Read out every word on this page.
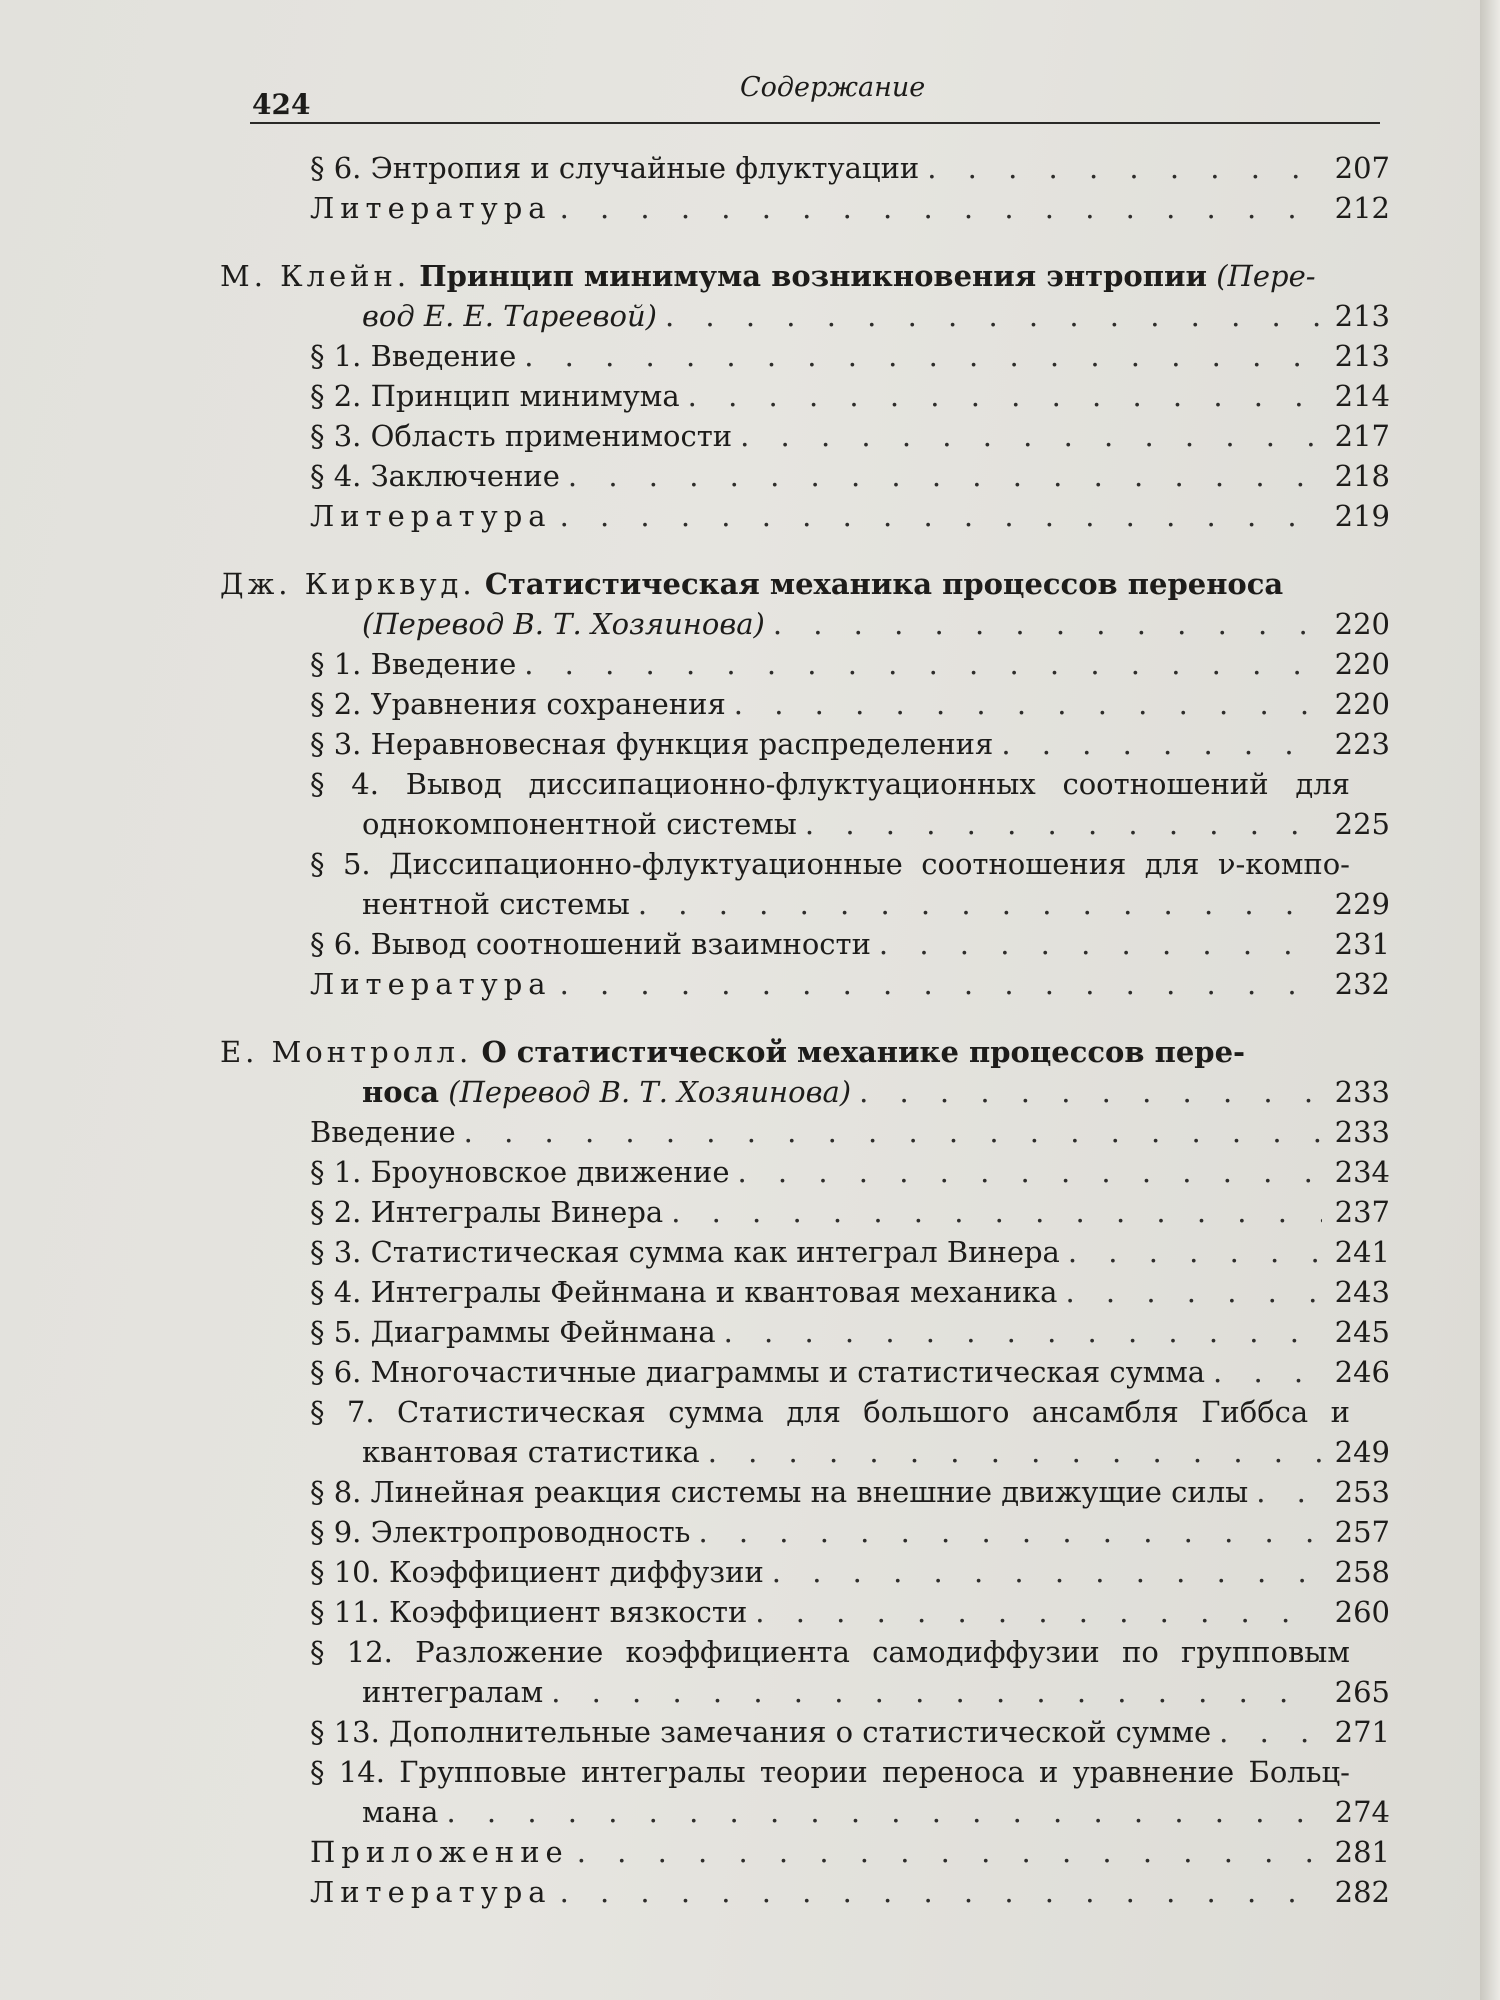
424
Содержание
§ 6. Энтропия и случайные флуктуации . . .	207
Литература . . .	212
М. Клейн. Принцип минимума возникновения энтропии (Пере-
вод Е. Е. Тареевой) . . .	213
§ 1. Введение . . .	213
§ 2. Принцип минимума . . .	214
§ 3. Область применимости . . .	217
§ 4. Заключение . . .	218
Литература . . .	219
Дж. Кирквуд. Статистическая механика процессов переноса
(Перевод В. Т. Хозяинова) . . .	220
§ 1. Введение . . .	220
§ 2. Уравнения сохранения . . .	220
§ 3. Неравновесная функция распределения . . .	223
§ 4. Вывод диссипационно-флуктуационных соотношений для
однокомпонентной системы . . .	225
§ 5. Диссипационно-флуктуационные соотношения для ν-компо-
нентной системы . . .	229
§ 6. Вывод соотношений взаимности . . .	231
Литература . . .	232
Е. Монтролл. О статистической механике процессов пере-
носа (Перевод В. Т. Хозяинова) . . .	233
Введение . . .	233
§ 1. Броуновское движение . . .	234
§ 2. Интегралы Винера . . .	237
§ 3. Статистическая сумма как интеграл Винера . . .	241
§ 4. Интегралы Фейнмана и квантовая механика . . .	243
§ 5. Диаграммы Фейнмана . . .	245
§ 6. Многочастичные диаграммы и статистическая сумма . . .	246
§ 7. Статистическая сумма для большого ансамбля Гиббса и
квантовая статистика . . .	249
§ 8. Линейная реакция системы на внешние движущие силы . . .	253
§ 9. Электропроводность . . .	257
§ 10. Коэффициент диффузии . . .	258
§ 11. Коэффициент вязкости . . .	260
§ 12. Разложение коэффициента самодиффузии по групповым
интегралам . . .	265
§ 13. Дополнительные замечания о статистической сумме . . .	271
§ 14. Групповые интегралы теории переноса и уравнение Больц-
мана . . .	274
Приложение . . .	281
Литература . . .	282
